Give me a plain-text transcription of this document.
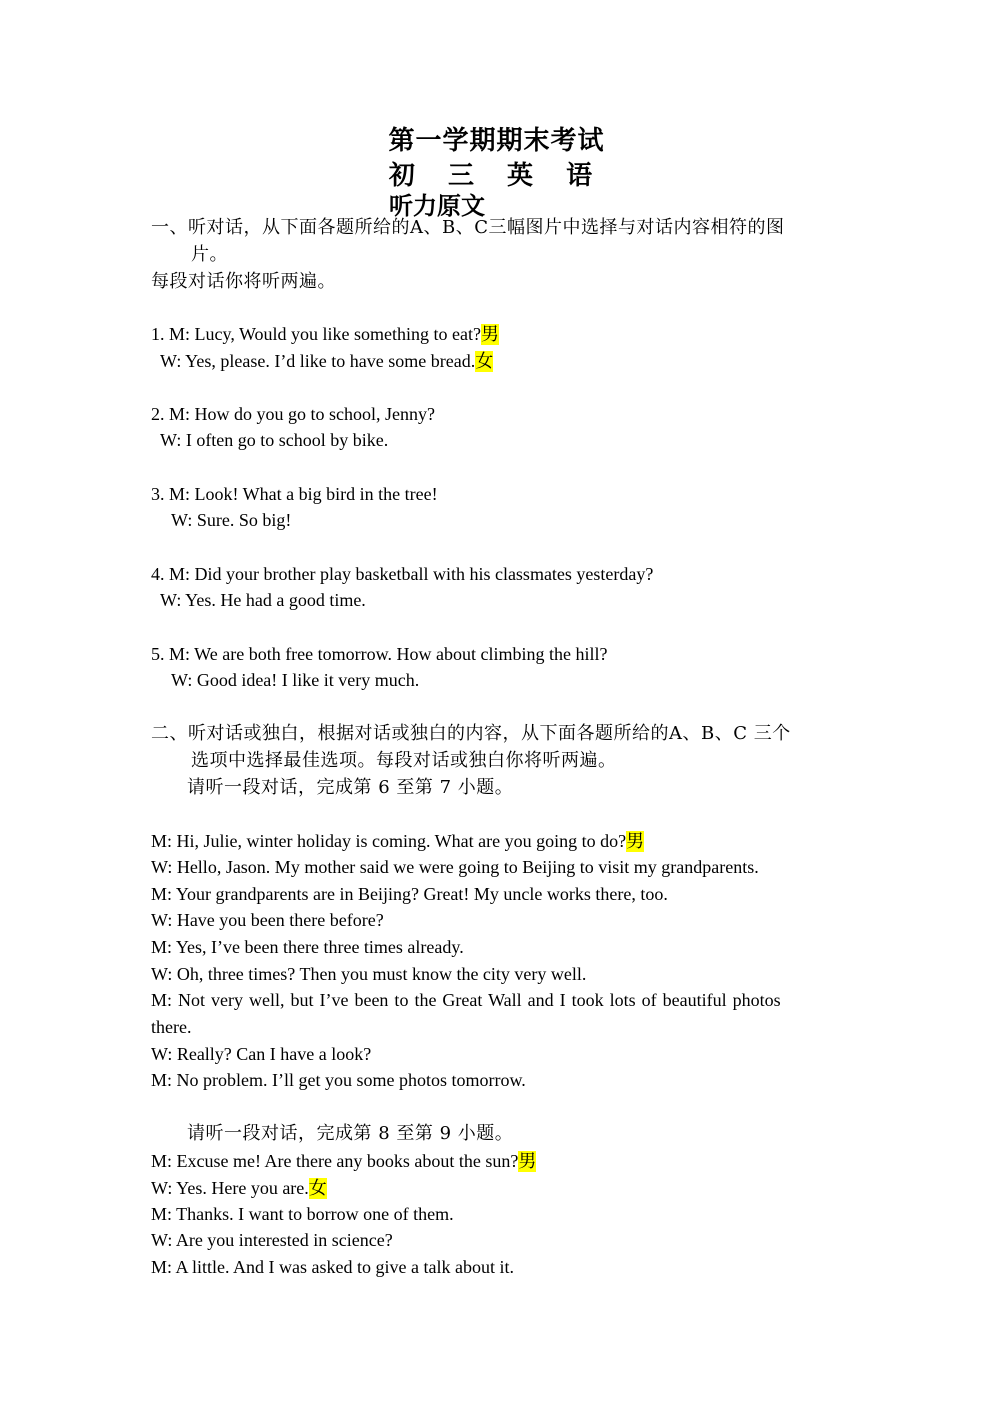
第一学期期末考试
初 三 英 语
听力原文
一、听对话，从下面各题所给的A、B、C三幅图片中选择与对话内容相符的图
片。
每段对话你将听两遍。
1. M: Lucy, Would you like something to eat?男
W: Yes, please. I’d like to have some bread.女
2. M: How do you go to school, Jenny?
W: I often go to school by bike.
3. M: Look! What a big bird in the tree!
W: Sure. So big!
4. M: Did your brother play basketball with his classmates yesterday?
W: Yes. He had a good time.
5. M: We are both free tomorrow. How about climbing the hill?
W: Good idea! I like it very much.
二、听对话或独白，根据对话或独白的内容，从下面各题所给的A、B、C 三个
选项中选择最佳选项。每段对话或独白你将听两遍。
请听一段对话，完成第 6 至第 7 小题。
M: Hi, Julie, winter holiday is coming. What are you going to do?男
W: Hello, Jason. My mother said we were going to Beijing to visit my grandparents.
M: Your grandparents are in Beijing? Great! My uncle works there, too.
W: Have you been there before?
M: Yes, I’ve been there three times already.
W: Oh, three times? Then you must know the city very well.
M: Not very well, but I’ve been to the Great Wall and I took lots of beautiful photos
there.
W: Really? Can I have a look?
M: No problem. I’ll get you some photos tomorrow.
请听一段对话，完成第 8 至第 9 小题。
M: Excuse me! Are there any books about the sun?男
W: Yes. Here you are.女
M: Thanks. I want to borrow one of them.
W: Are you interested in science?
M: A little. And I was asked to give a talk about it.
